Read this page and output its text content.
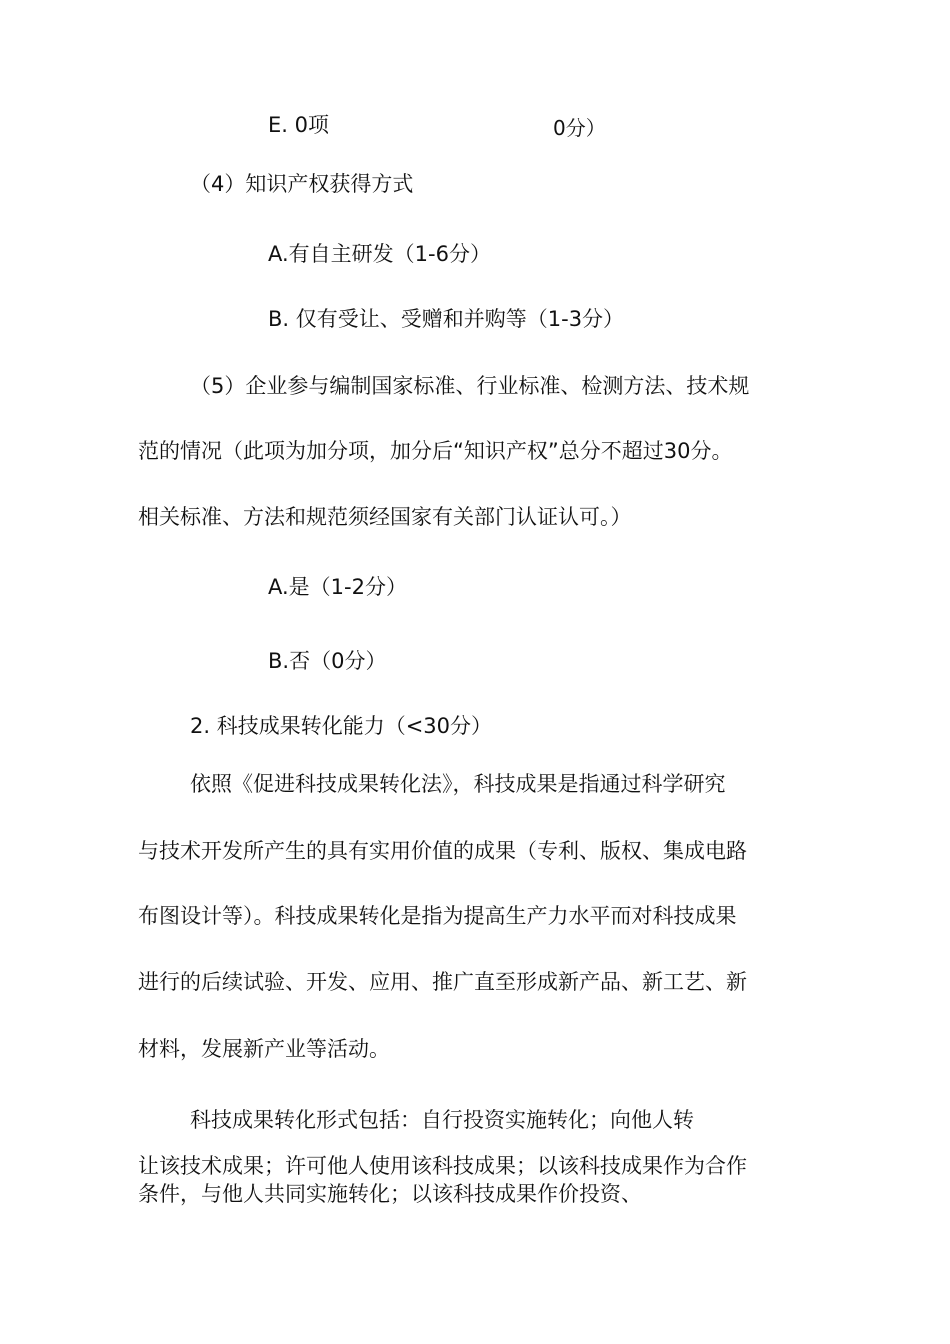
E. 0项	0分）
（4）知识产权获得方式
A.有自主研发（1-6分）
B. 仅有受让、受赠和并购等（1-3分）
（5）企业参与编制国家标准、行业标准、检测方法、技术规
范的情况（此项为加分项，加分后“知识产权”总分不超过30分。
相关标准、方法和规范须经国家有关部门认证认可。）
A.是（1-2分）
B.否（0分）
2. 科技成果转化能力（<30分）
依照《促进科技成果转化法》，科技成果是指通过科学研究
与技术开发所产生的具有实用价值的成果（专利、版权、集成电路
布图设计等）。科技成果转化是指为提高生产力水平而对科技成果
进行的后续试验、开发、应用、推广直至形成新产品、新工艺、新
材料，发展新产业等活动。
科技成果转化形式包括：自行投资实施转化；向他人转
让该技术成果；许可他人使用该科技成果；以该科技成果作为合作
条件，与他人共同实施转化；以该科技成果作价投资、
